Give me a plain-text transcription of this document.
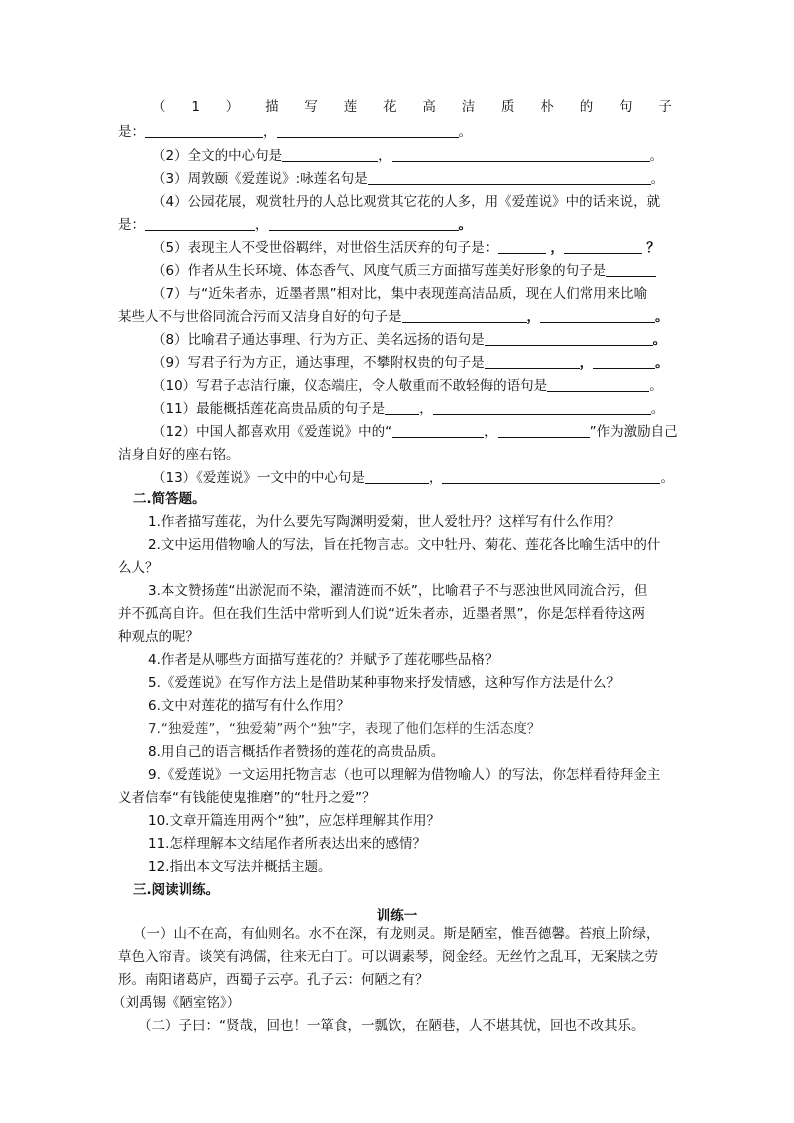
（ 1 ） 描 写 莲 花 高 洁 质 朴 的 句 子
是：	，	。
（2）全文的中心句是	，	。
（3）周敦颐《爱莲说》:咏莲名句是	。
（4）公园花展，观赏牡丹的人总比观赏其它花的人多，用《爱莲说》中的话来说，就
是：	，	。
（5）表现主人不受世俗羁绊，对世俗生活厌弃的句子是：	，	？
（6）作者从生长环境、体态香气、风度气质三方面描写莲美好形象的句子是
（7）与“近朱者赤，近墨者黑”相对比，集中表现莲高洁品质，现在人们常用来比喻
某些人不与世俗同流合污而又洁身自好的句子是	，	。
（8）比喻君子通达事理、行为方正、美名远扬的语句是	。
（9）写君子行为方正，通达事理，不攀附权贵的句子是	，	。
（10）写君子志洁行廉，仪态端庄，令人敬重而不敢轻侮的语句是	。
（11）最能概括莲花高贵品质的句子是	，	。
（12）中国人都喜欢用《爱莲说》中的“	，	”作为激励自己
洁身自好的座右铭。
（13）《爱莲说》一文中的中心句是	，	。
二.简答题。
1.作者描写莲花，为什么要先写陶渊明爱菊，世人爱牡丹？这样写有什么作用？
2.文中运用借物喻人的写法，旨在托物言志。文中牡丹、菊花、莲花各比喻生活中的什
么人？
3.本文赞扬莲“出淤泥而不染，濯清涟而不妖”，比喻君子不与恶浊世风同流合污，但
并不孤高自许。但在我们生活中常听到人们说“近朱者赤，近墨者黑”，你是怎样看待这两
种观点的呢？
4.作者是从哪些方面描写莲花的？并赋予了莲花哪些品格？
5.《爱莲说》在写作方法上是借助某种事物来抒发情感，这种写作方法是什么？
6.文中对莲花的描写有什么作用？
7.“独爱莲”，“独爱菊”两个“独”字，表现了他们怎样的生活态度？
8.用自己的语言概括作者赞扬的莲花的高贵品质。
9.《爱莲说》一文运用托物言志（也可以理解为借物喻人）的写法，你怎样看待拜金主
义者信奉“有钱能使鬼推磨”的“牡丹之爱”？
10.文章开篇连用两个“独”，应怎样理解其作用？
11.怎样理解本文结尾作者所表达出来的感情？
12.指出本文写法并概括主题。
三.阅读训练。
训练一
（一）山不在高，有仙则名。水不在深，有龙则灵。斯是陋室，惟吾德馨。苔痕上阶绿，
草色入帘青。谈笑有鸿儒，往来无白丁。可以调素琴，阅金经。无丝竹之乱耳，无案牍之劳
形。南阳诸葛庐，西蜀子云亭。孔子云：何陋之有？
（刘禹锡《陋室铭》）
（二）子曰：“贤哉，回也！一箪食，一瓢饮，在陋巷，人不堪其忧，回也不改其乐。
